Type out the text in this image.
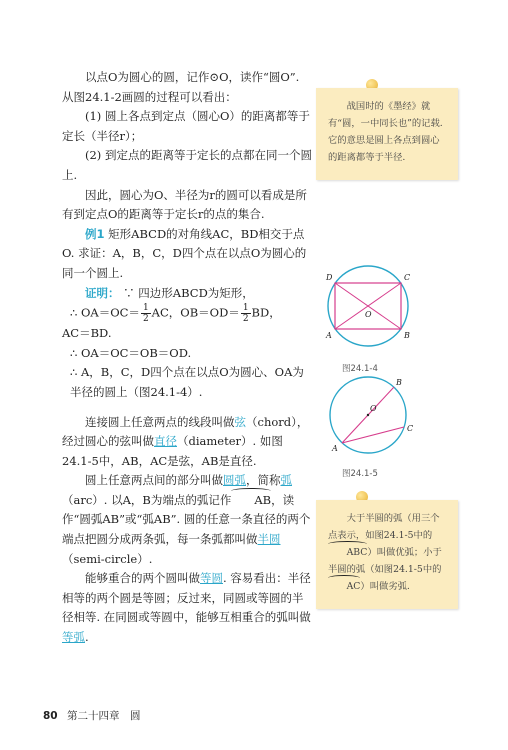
以点O为圆心的圆，记作⊙O，读作“圆O”.

从图24.1-2画圆的过程可以看出：

(1) 圆上各点到定点（圆心O）的距离都等于定长（半径r）；

(2) 到定点的距离等于定长的点都在同一个圆上.

因此，圆心为O、半径为r的圆可以看成是所有到定点O的距离等于定长r的点的集合.

例1 矩形ABCD的对角线AC，BD相交于点O. 求证：A，B，C，D四个点在以点O为圆心的同一个圆上.

证明： ∵ 四边形ABCD为矩形，

∴ $OA=OC= \frac{1}{2}$ AC，$OB=OD= \frac{1}{2}$ BD，

AC＝BD.

∴ OA＝OC＝OB＝OD.

∴ A，B，C，D四个点在以点O为圆心、OA为半径的圆上（图24.1-4）.

连接圆上任意两点的线段叫做弦（chord），经过圆心的弦叫做直径（diameter）. 如图24.1-5中，AB，AC是弦，AB是直径.

圆上任意两点间的部分叫做圆弧，简称弧（arc）. 以A，B为端点的弧记作 AB，读作“圆弧AB”或“弧AB”. 圆的任意一条直径的两个端点把圆分成两条弧，每一条弧都叫做半圆（semi-circle）.

能够重合的两个圆叫做等圆. 容易看出：半径相等的两个圆是等圆；反过来，同圆或等圆的半径相等. 在同圆或等圆中，能够互相重合的弧叫做等弧.

战国时的《墨经》就有“圆，一中同长也”的记载. 它的意思是圆上各点到圆心的距离都等于半径.

D	C
A	B
O
图24.1-4
B
A
C
O
图24.1-5

大于半圆的弧（用三个点表示，如图24.1-5中的ABC）叫做优弧；小于半圆的弧（如图24.1-5中的AC）叫做劣弧.

80 第二十四章　圆
